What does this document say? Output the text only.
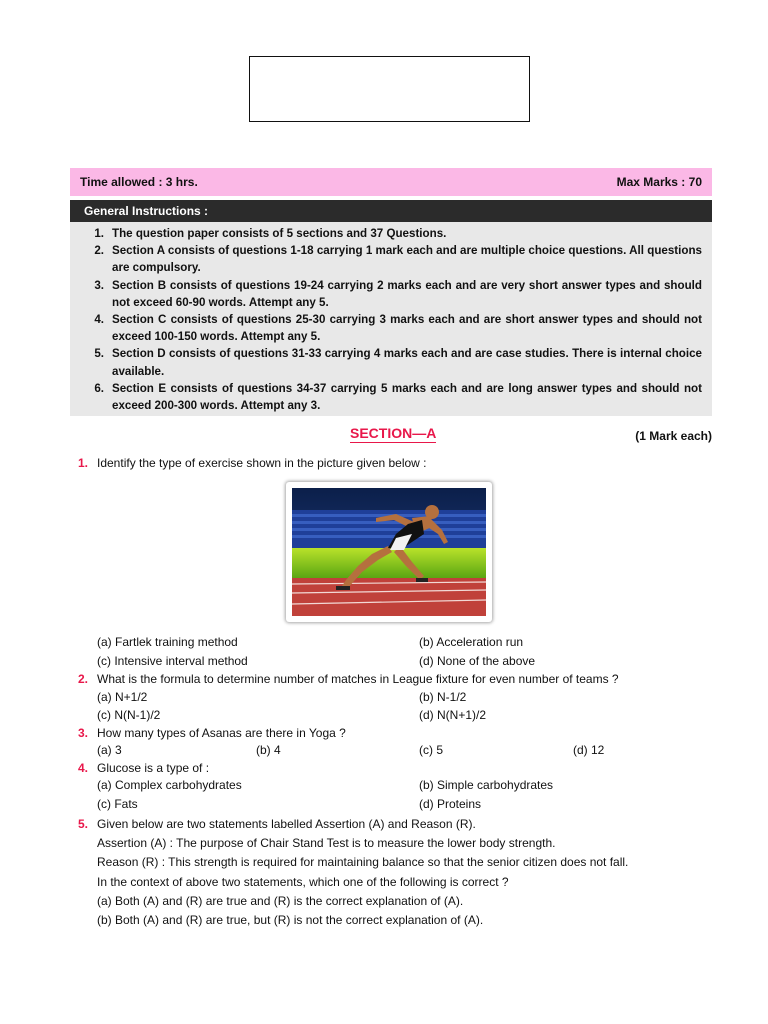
Time allowed : 3 hrs.	Max Marks : 70
General Instructions :
1. The question paper consists of 5 sections and 37 Questions.
2. Section A consists of questions 1-18 carrying 1 mark each and are multiple choice questions. All questions are compulsory.
3. Section B consists of questions 19-24 carrying 2 marks each and are very short answer types and should not exceed 60-90 words. Attempt any 5.
4. Section C consists of questions 25-30 carrying 3 marks each and are short answer types and should not exceed 100-150 words. Attempt any 5.
5. Section D consists of questions 31-33 carrying 4 marks each and are case studies. There is internal choice available.
6. Section E consists of questions 34-37 carrying 5 marks each and are long answer types and should not exceed 200-300 words. Attempt any 3.
SECTION—A	(1 Mark each)
1. Identify the type of exercise shown in the picture given below :
(a) Fartlek training method	(b) Acceleration run
(c) Intensive interval method	(d) None of the above
2. What is the formula to determine number of matches in League fixture for even number of teams ?
(a) N+1/2	(b) N-1/2
(c) N(N-1)/2	(d) N(N+1)/2
3. How many types of Asanas are there in Yoga ?
(a) 3	(b) 4	(c) 5	(d) 12
4. Glucose is a type of :
(a) Complex carbohydrates	(b) Simple carbohydrates
(c) Fats	(d) Proteins
5. Given below are two statements labelled Assertion (A) and Reason (R).
Assertion (A) : The purpose of Chair Stand Test is to measure the lower body strength.
Reason (R) : This strength is required for maintaining balance so that the senior citizen does not fall.
In the context of above two statements, which one of the following is correct ?
(a) Both (A) and (R) are true and (R) is the correct explanation of (A).
(b) Both (A) and (R) are true, but (R) is not the correct explanation of (A).
